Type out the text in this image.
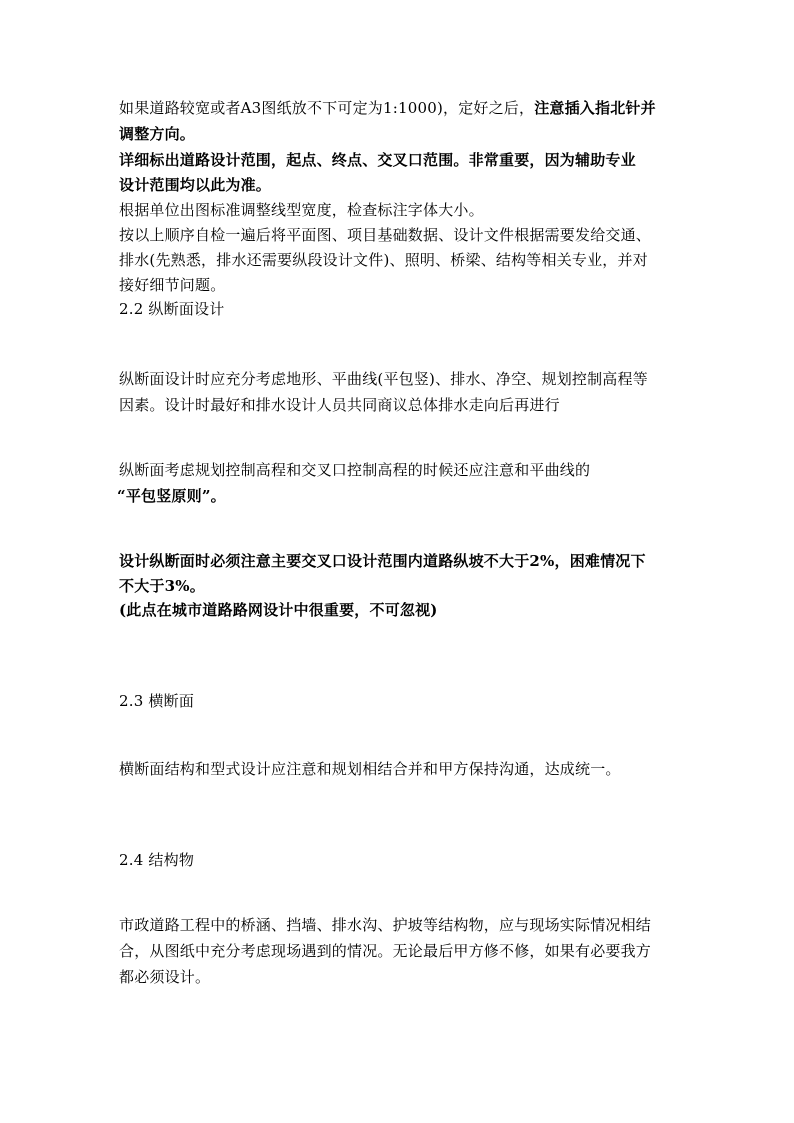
如果道路较宽或者A3图纸放不下可定为1:1000)，定好之后，注意插入指北针并
调整方向。
详细标出道路设计范围，起点、终点、交叉口范围。非常重要，因为辅助专业
设计范围均以此为准。
根据单位出图标准调整线型宽度，检查标注字体大小。
按以上顺序自检一遍后将平面图、项目基础数据、设计文件根据需要发给交通、
排水(先熟悉，排水还需要纵段设计文件)、照明、桥梁、结构等相关专业，并对
接好细节问题。
2.2 纵断面设计
纵断面设计时应充分考虑地形、平曲线(平包竖)、排水、净空、规划控制高程等
因素。设计时最好和排水设计人员共同商议总体排水走向后再进行
纵断面考虑规划控制高程和交叉口控制高程的时候还应注意和平曲线的
“平包竖原则”。
设计纵断面时必须注意主要交叉口设计范围内道路纵坡不大于2%，困难情况下
不大于3%。
(此点在城市道路路网设计中很重要，不可忽视)
2.3 横断面
横断面结构和型式设计应注意和规划相结合并和甲方保持沟通，达成统一。
2.4 结构物
市政道路工程中的桥涵、挡墙、排水沟、护坡等结构物，应与现场实际情况相结
合，从图纸中充分考虑现场遇到的情况。无论最后甲方修不修，如果有必要我方
都必须设计。
